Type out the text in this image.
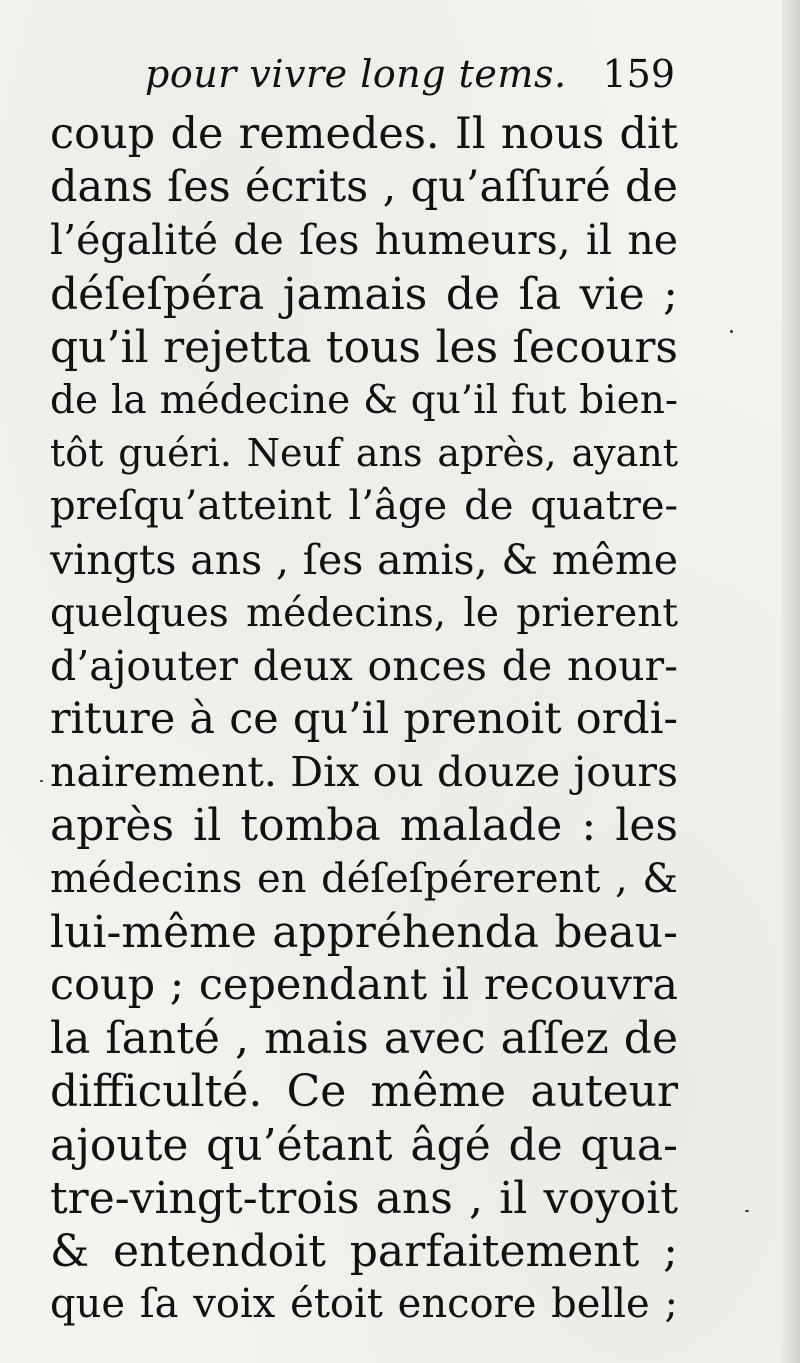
pour vivre long tems. 159
coup de remedes. Il nous dit
dans ſes écrits , qu’aſſuré de
l’égalité de ſes humeurs, il ne
déſeſpéra jamais de ſa vie ;
qu’il rejetta tous les ſecours
de la médecine & qu’il fut bien-
tôt guéri. Neuf ans après, ayant
preſqu’atteint l’âge de quatre-
vingts ans , ſes amis, & même
quelques médecins, le prierent
d’ajouter deux onces de nour-
riture à ce qu’il prenoit ordi-
nairement. Dix ou douze jours
après il tomba malade : les
médecins en déſeſpérerent , &
lui-même appréhenda beau-
coup ; cependant il recouvra
la ſanté , mais avec aſſez de
difficulté. Ce même auteur
ajoute qu’étant âgé de qua-
tre-vingt-trois ans , il voyoit
& entendoit parfaitement ;
que ſa voix étoit encore belle ;
